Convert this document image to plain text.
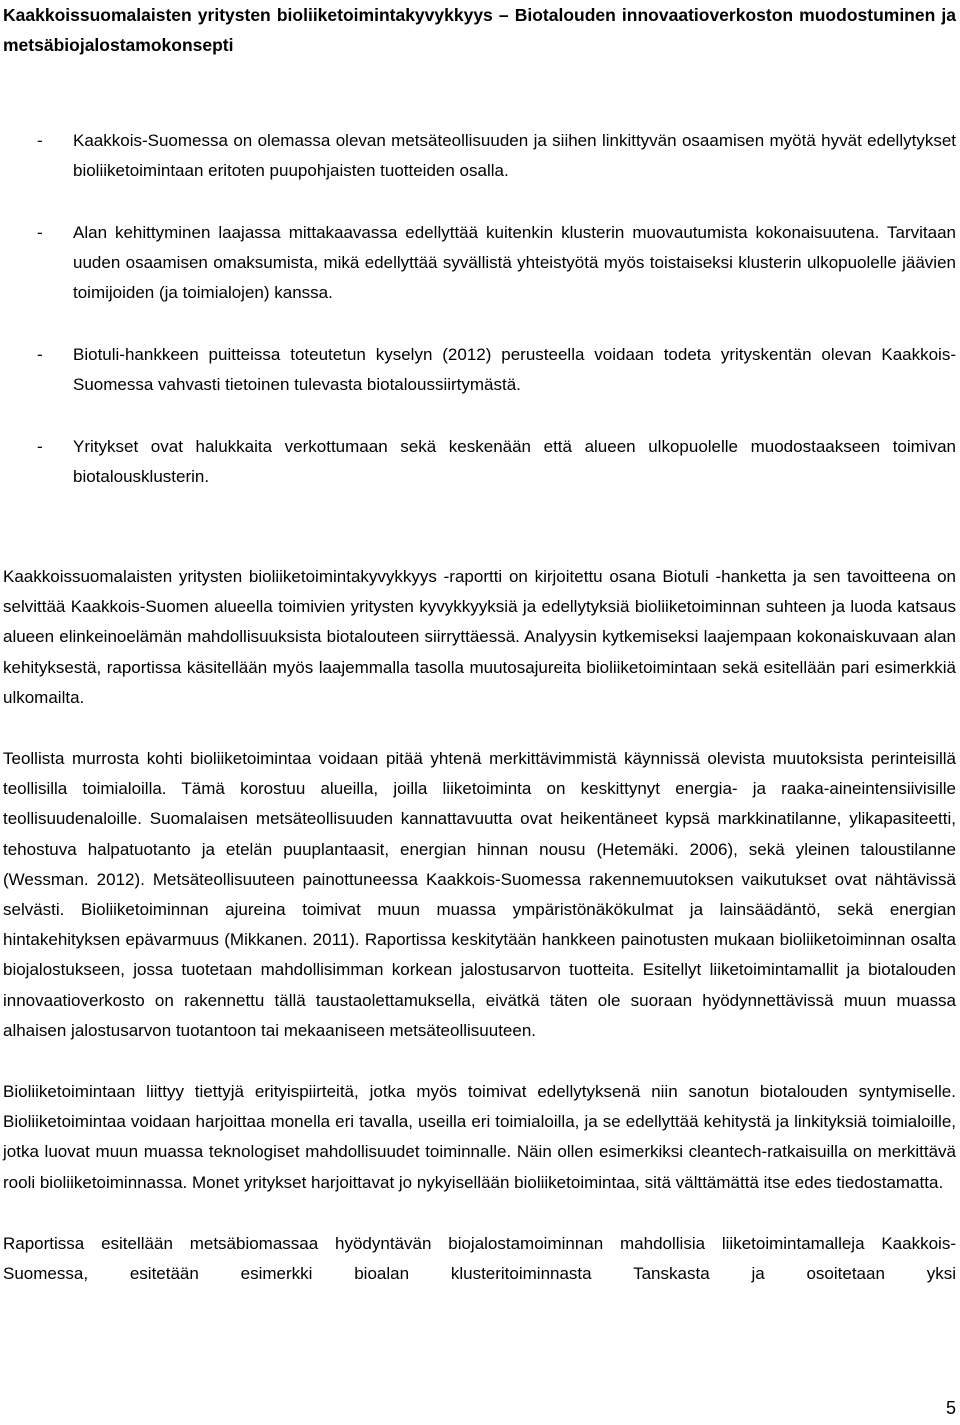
Kaakkoissuomalaisten yritysten bioliiketoimintakyvykkyys – Biotalouden innovaatioverkoston muodostuminen ja metsäbiojalostamokonsepti
- Kaakkois-Suomessa on olemassa olevan metsäteollisuuden ja siihen linkittyvän osaamisen myötä hyvät edellytykset bioliiketoimintaan eritoten puupohjaisten tuotteiden osalla.
- Alan kehittyminen laajassa mittakaavassa edellyttää kuitenkin klusterin muovautumista kokonaisuutena. Tarvitaan uuden osaamisen omaksumista, mikä edellyttää syvällistä yhteistyötä myös toistaiseksi klusterin ulkopuolelle jäävien toimijoiden (ja toimialojen) kanssa.
- Biotuli-hankkeen puitteissa toteutetun kyselyn (2012) perusteella voidaan todeta yrityskentän olevan Kaakkois-Suomessa vahvasti tietoinen tulevasta biotaloussiirtymästä.
- Yritykset ovat halukkaita verkottumaan sekä keskenään että alueen ulkopuolelle muodostaakseen toimivan biotalousklusterin.

Kaakkoissuomalaisten yritysten bioliiketoimintakyvykkyys -raportti on kirjoitettu osana Biotuli -hanketta ja sen tavoitteena on selvittää Kaakkois-Suomen alueella toimivien yritysten kyvykkyyksiä ja edellytyksiä bioliiketoiminnan suhteen ja luoda katsaus alueen elinkeinoelämän mahdollisuuksista biotalouteen siirryttäessä. Analyysin kytkemiseksi laajempaan kokonaiskuvaan alan kehityksestä, raportissa käsitellään myös laajemmalla tasolla muutosajureita bioliiketoimintaan sekä esitellään pari esimerkkiä ulkomailta.

Teollista murrosta kohti bioliiketoimintaa voidaan pitää yhtenä merkittävimmistä käynnissä olevista muutoksista perinteisillä teollisilla toimialoilla. Tämä korostuu alueilla, joilla liiketoiminta on keskittynyt energia- ja raaka-aineintensiivisille teollisuudenaloille. Suomalaisen metsäteollisuuden kannattavuutta ovat heikentäneet kypsä markkinatilanne, ylikapasiteetti, tehostuva halpatuotanto ja etelän puuplantaasit, energian hinnan nousu (Hetemäki. 2006), sekä yleinen taloustilanne (Wessman. 2012). Metsäteollisuuteen painottuneessa Kaakkois-Suomessa rakennemuutoksen vaikutukset ovat nähtävissä selvästi. Bioliiketoiminnan ajureina toimivat muun muassa ympäristönäkökulmat ja lainsäädäntö, sekä energian hintakehityksen epävarmuus (Mikkanen. 2011). Raportissa keskitytään hankkeen painotusten mukaan bioliiketoiminnan osalta biojalostukseen, jossa tuotetaan mahdollisimman korkean jalostusarvon tuotteita. Esitellyt liiketoimintamallit ja biotalouden innovaatioverkosto on rakennettu tällä taustaolettamuksella, eivätkä täten ole suoraan hyödynnettävissä muun muassa alhaisen jalostusarvon tuotantoon tai mekaaniseen metsäteollisuuteen.

Bioliiketoimintaan liittyy tiettyjä erityispiirteitä, jotka myös toimivat edellytyksenä niin sanotun biotalouden syntymiselle. Bioliiketoimintaa voidaan harjoittaa monella eri tavalla, useilla eri toimialoilla, ja se edellyttää kehitystä ja linkityksiä toimialoille, jotka luovat muun muassa teknologiset mahdollisuudet toiminnalle. Näin ollen esimerkiksi cleantech-ratkaisuilla on merkittävä rooli bioliiketoiminnassa. Monet yritykset harjoittavat jo nykyisellään bioliiketoimintaa, sitä välttämättä itse edes tiedostamatta.

Raportissa esitellään metsäbiomassaa hyödyntävän biojalostamoiminnan mahdollisia liiketoimintamalleja Kaakkois-Suomessa, esitetään esimerkki bioalan klusteritoiminnasta Tanskasta ja osoitetaan yksi

5
